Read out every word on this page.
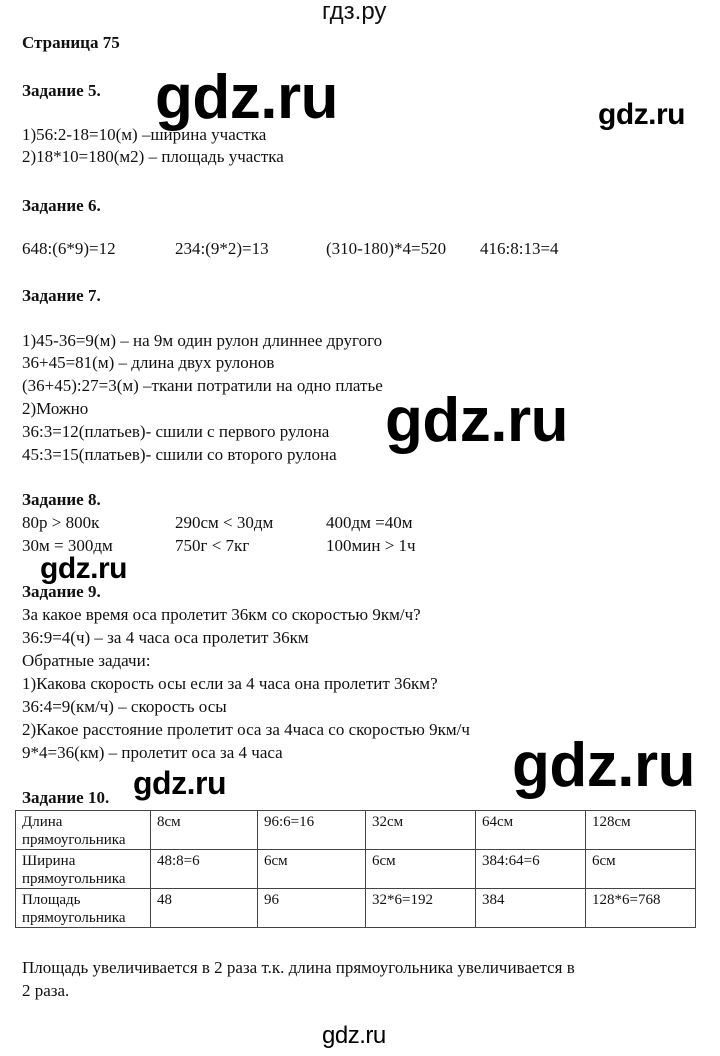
гдз.ру
Страница 75
Задание 5.
1)56:2-18=10(м) –ширина участка
2)18*10=180(м2) – площадь участка
Задание 6.
648:(6*9)=12	234:(9*2)=13	(310-180)*4=520 416:8:13=4
Задание 7.
1)45-36=9(м) – на 9м один рулон длиннее другого
36+45=81(м) – длина двух рулонов
(36+45):27=3(м) –ткани потратили на одно платье
2)Можно
36:3=12(платьев)- сшили с первого рулона
45:3=15(платьев)- сшили со второго рулона
Задание 8.
80р > 800к	290см < 30дм	400дм =40м
30м = 300дм	750г < 7кг	100мин > 1ч
Задание 9.
За какое время оса пролетит 36км со скоростью 9км/ч?
36:9=4(ч) – за 4 часа оса пролетит 36км
Обратные задачи:
1)Какова скорость осы если за 4 часа она пролетит 36км?
36:4=9(км/ч) – скорость осы
2)Какое расстояние пролетит оса за 4часа со скоростью 9км/ч
9*4=36(км) – пролетит оса за 4 часа
Задание 10.
Длина прямоугольника	8см	96:6=16	32см	64см	128см
Ширина прямоугольника	48:8=6	6см	6см	384:64=6	6см
Площадь прямоугольника	48	96	32*6=192	384	128*6=768
Площадь увеличивается в 2 раза т.к. длина прямоугольника увеличивается в
2 раза.
gdz.ru	gdz.ru
gdz.ru
gdz.ru
gdz.ru
gdz.ru
gdz.ru
